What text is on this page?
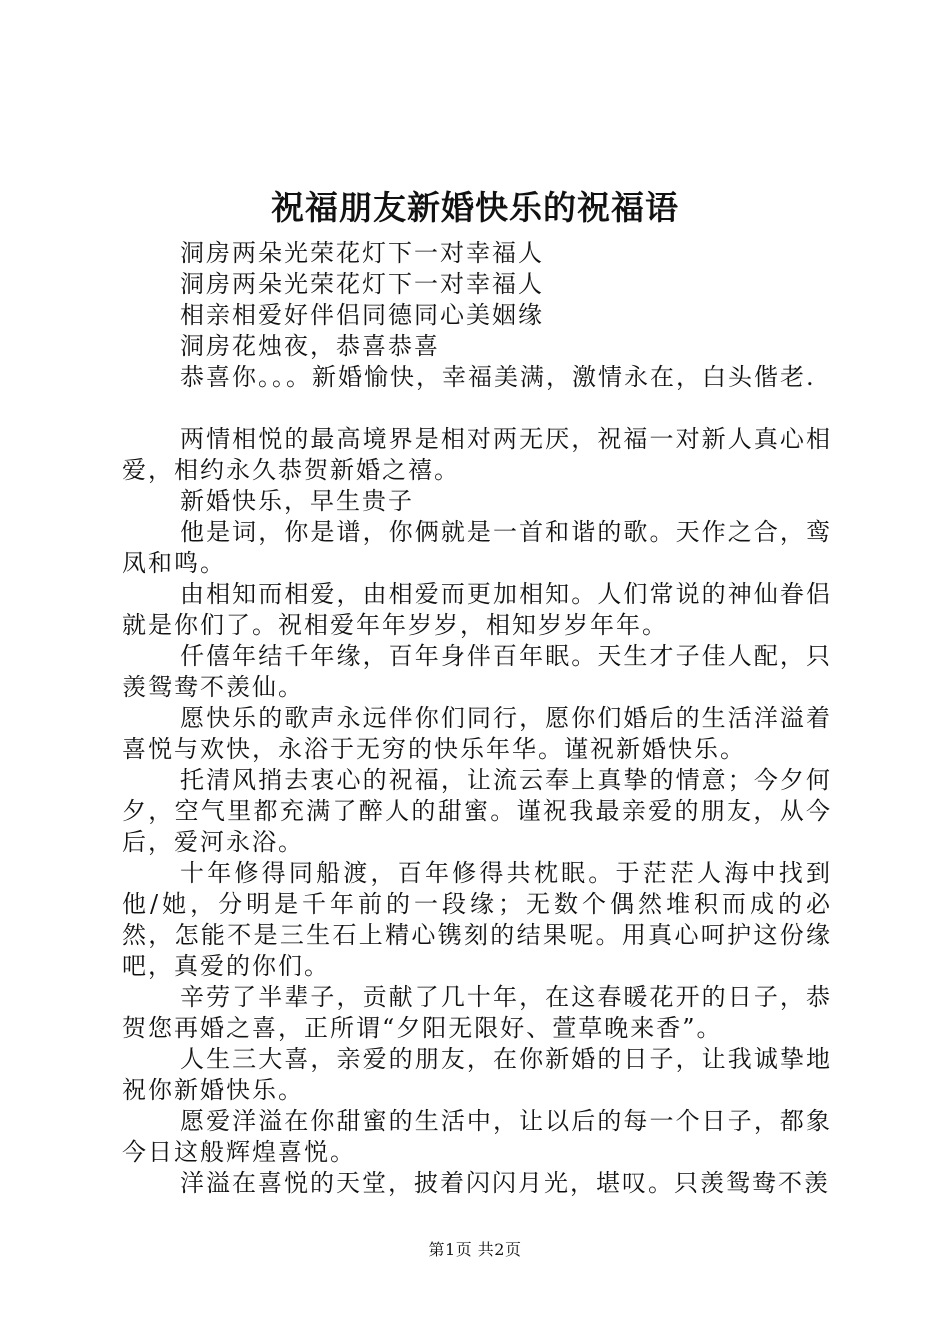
祝福朋友新婚快乐的祝福语

洞房两朵光荣花灯下一对幸福人

洞房两朵光荣花灯下一对幸福人

相亲相爱好伴侣同德同心美姻缘

洞房花烛夜，恭喜恭喜

恭喜你。。。新婚愉快，幸福美满，激情永在，白头偕老.

两情相悦的最高境界是相对两无厌，祝福一对新人真心相爱，相约永久恭贺新婚之禧。

新婚快乐，早生贵子

他是词，你是谱，你俩就是一首和谐的歌。天作之合，鸾凤和鸣。

由相知而相爱，由相爱而更加相知。人们常说的神仙眷侣就是你们了。祝相爱年年岁岁，相知岁岁年年。

仟僖年结千年缘，百年身伴百年眠。天生才子佳人配，只羡鸳鸯不羡仙。

愿快乐的歌声永远伴你们同行，愿你们婚后的生活洋溢着喜悦与欢快，永浴于无穷的快乐年华。谨祝新婚快乐。

托清风捎去衷心的祝福，让流云奉上真挚的情意；今夕何夕，空气里都充满了醉人的甜蜜。谨祝我最亲爱的朋友，从今后，爱河永浴。

十年修得同船渡，百年修得共枕眠。于茫茫人海中找到他/她，分明是千年前的一段缘；无数个偶然堆积而成的必然，怎能不是三生石上精心镌刻的结果呢。用真心呵护这份缘吧，真爱的你们。

辛劳了半辈子，贡献了几十年，在这春暖花开的日子，恭贺您再婚之喜，正所谓“夕阳无限好、萱草晚来香”。

人生三大喜，亲爱的朋友，在你新婚的日子，让我诚挚地祝你新婚快乐。

愿爱洋溢在你甜蜜的生活中，让以后的每一个日子，都象今日这般辉煌喜悦。

洋溢在喜悦的天堂，披着闪闪月光，堪叹。只羡鸳鸯不羡

第1页 共2页
